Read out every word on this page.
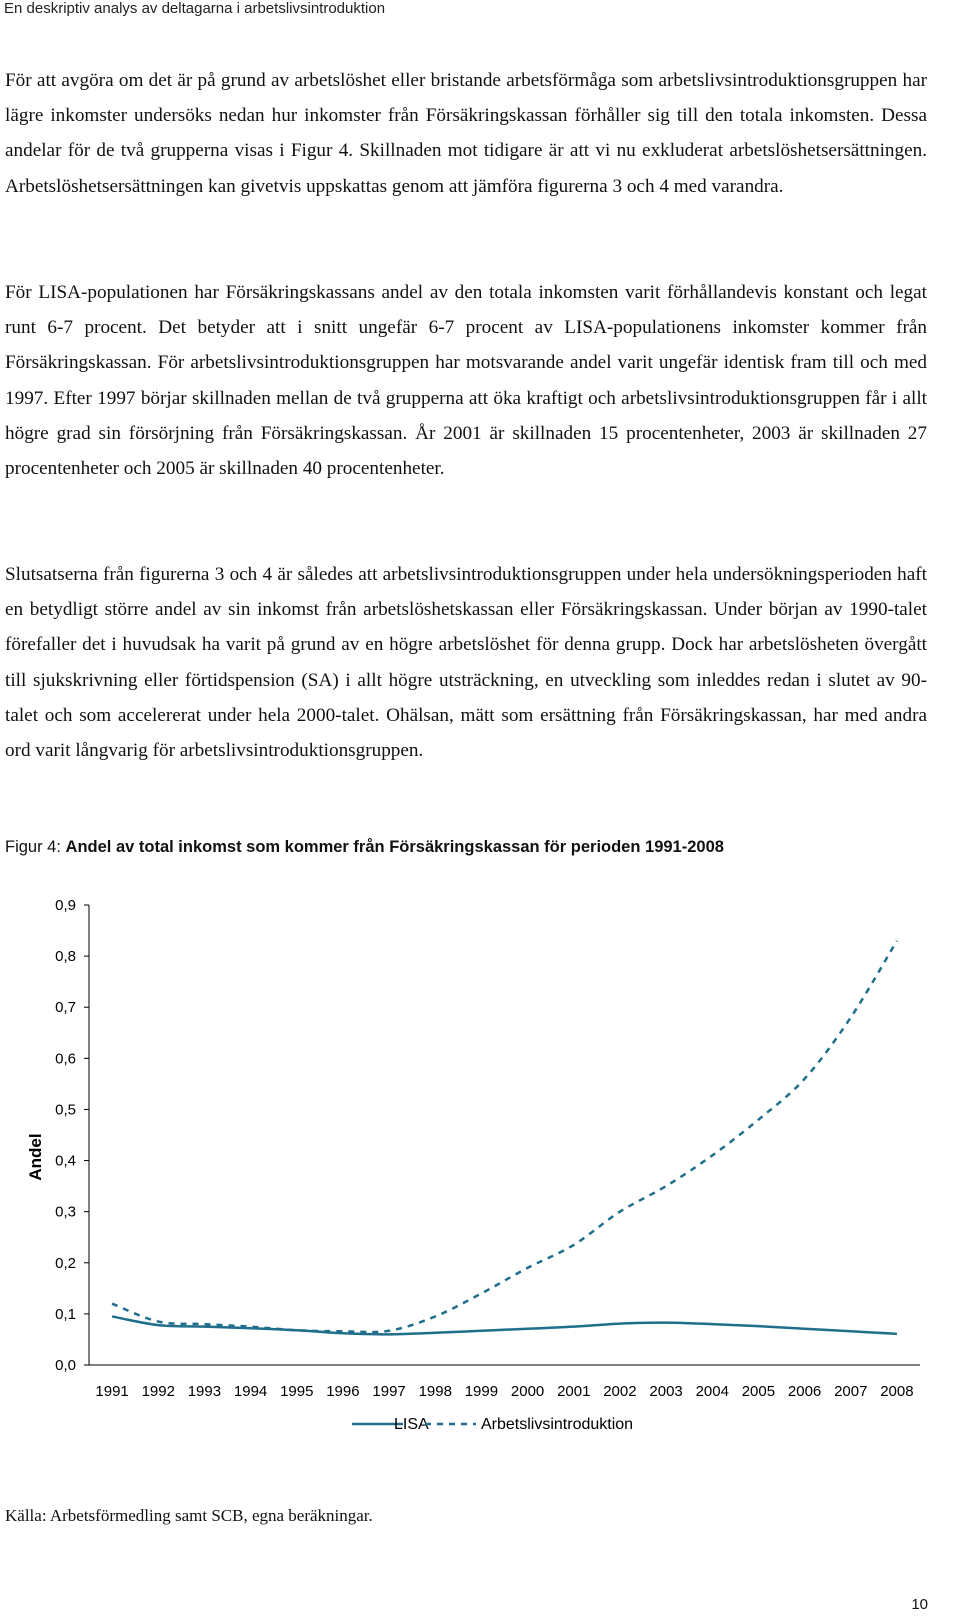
En deskriptiv analys av deltagarna i arbetslivsintroduktion

För att avgöra om det är på grund av arbetslöshet eller bristande arbetsförmåga som arbetslivsintroduktionsgruppen har lägre inkomster undersöks nedan hur inkomster från Försäkringskassan förhåller sig till den totala inkomsten. Dessa andelar för de två grupperna visas i Figur 4. Skillnaden mot tidigare är att vi nu exkluderat arbetslöshetsersättningen. Arbetslöshetsersättningen kan givetvis uppskattas genom att jämföra figurerna 3 och 4 med varandra.

För LISA-populationen har Försäkringskassans andel av den totala inkomsten varit förhållandevis konstant och legat runt 6-7 procent. Det betyder att i snitt ungefär 6-7 procent av LISA-populationens inkomster kommer från Försäkringskassan. För arbetslivsintroduktionsgruppen har motsvarande andel varit ungefär identisk fram till och med 1997. Efter 1997 börjar skillnaden mellan de två grupperna att öka kraftigt och arbetslivsintroduktionsgruppen får i allt högre grad sin försörjning från Försäkringskassan. År 2001 är skillnaden 15 procentenheter, 2003 är skillnaden 27 procentenheter och 2005 är skillnaden 40 procentenheter.

Slutsatserna från figurerna 3 och 4 är således att arbetslivsintroduktionsgruppen under hela undersökningsperioden haft en betydligt större andel av sin inkomst från arbetslöshetskassan eller Försäkringskassan. Under början av 1990-talet förefaller det i huvudsak ha varit på grund av en högre arbetslöshet för denna grupp. Dock har arbetslösheten övergått till sjukskrivning eller förtidspension (SA) i allt högre utsträckning, en utveckling som inleddes redan i slutet av 90-talet och som accelererat under hela 2000-talet. Ohälsan, mätt som ersättning från Försäkringskassan, har med andra ord varit långvarig för arbetslivsintroduktionsgruppen.

Figur 4: Andel av total inkomst som kommer från Försäkringskassan för perioden 1991-2008
0,0
0,1
0,2
0,3
0,4
0,5
0,6
0,7
0,8
0,9
1991 1992 1993 1994 1995 1996 1997 1998 1999 2000 2001 2002 2003 2004 2005 2006 2007 2008
LISA	Arbetslivsintroduktion
Andel
Källa: Arbetsförmedling samt SCB, egna beräkningar.
10
